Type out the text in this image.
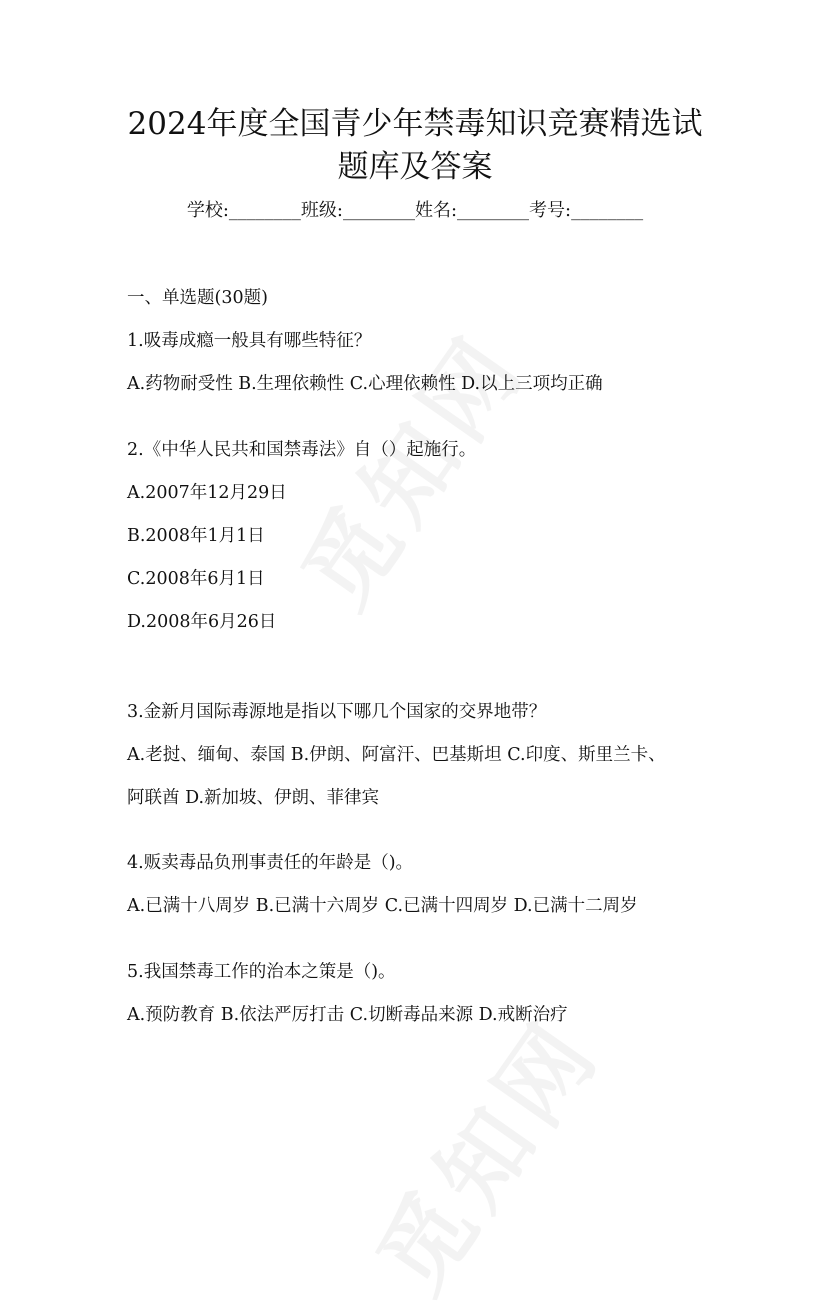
2024年度全国青少年禁毒知识竞赛精选试
题库及答案
学校:________班级:________姓名:________考号:________
一、单选题(30题)
1.吸毒成瘾一般具有哪些特征？
A.药物耐受性 B.生理依赖性 C.心理依赖性 D.以上三项均正确
2.《中华人民共和国禁毒法》自（）起施行。
A.2007年12月29日
B.2008年1月1日
C.2008年6月1日
D.2008年6月26日
3.金新月国际毒源地是指以下哪几个国家的交界地带？
A.老挝、缅甸、泰国 B.伊朗、阿富汗、巴基斯坦 C.印度、斯里兰卡、
阿联酋 D.新加坡、伊朗、菲律宾
4.贩卖毒品负刑事责任的年龄是（)。
A.已满十八周岁 B.已满十六周岁 C.已满十四周岁 D.已满十二周岁
5.我国禁毒工作的治本之策是（)。
A.预防教育 B.依法严厉打击 C.切断毒品来源 D.戒断治疗
